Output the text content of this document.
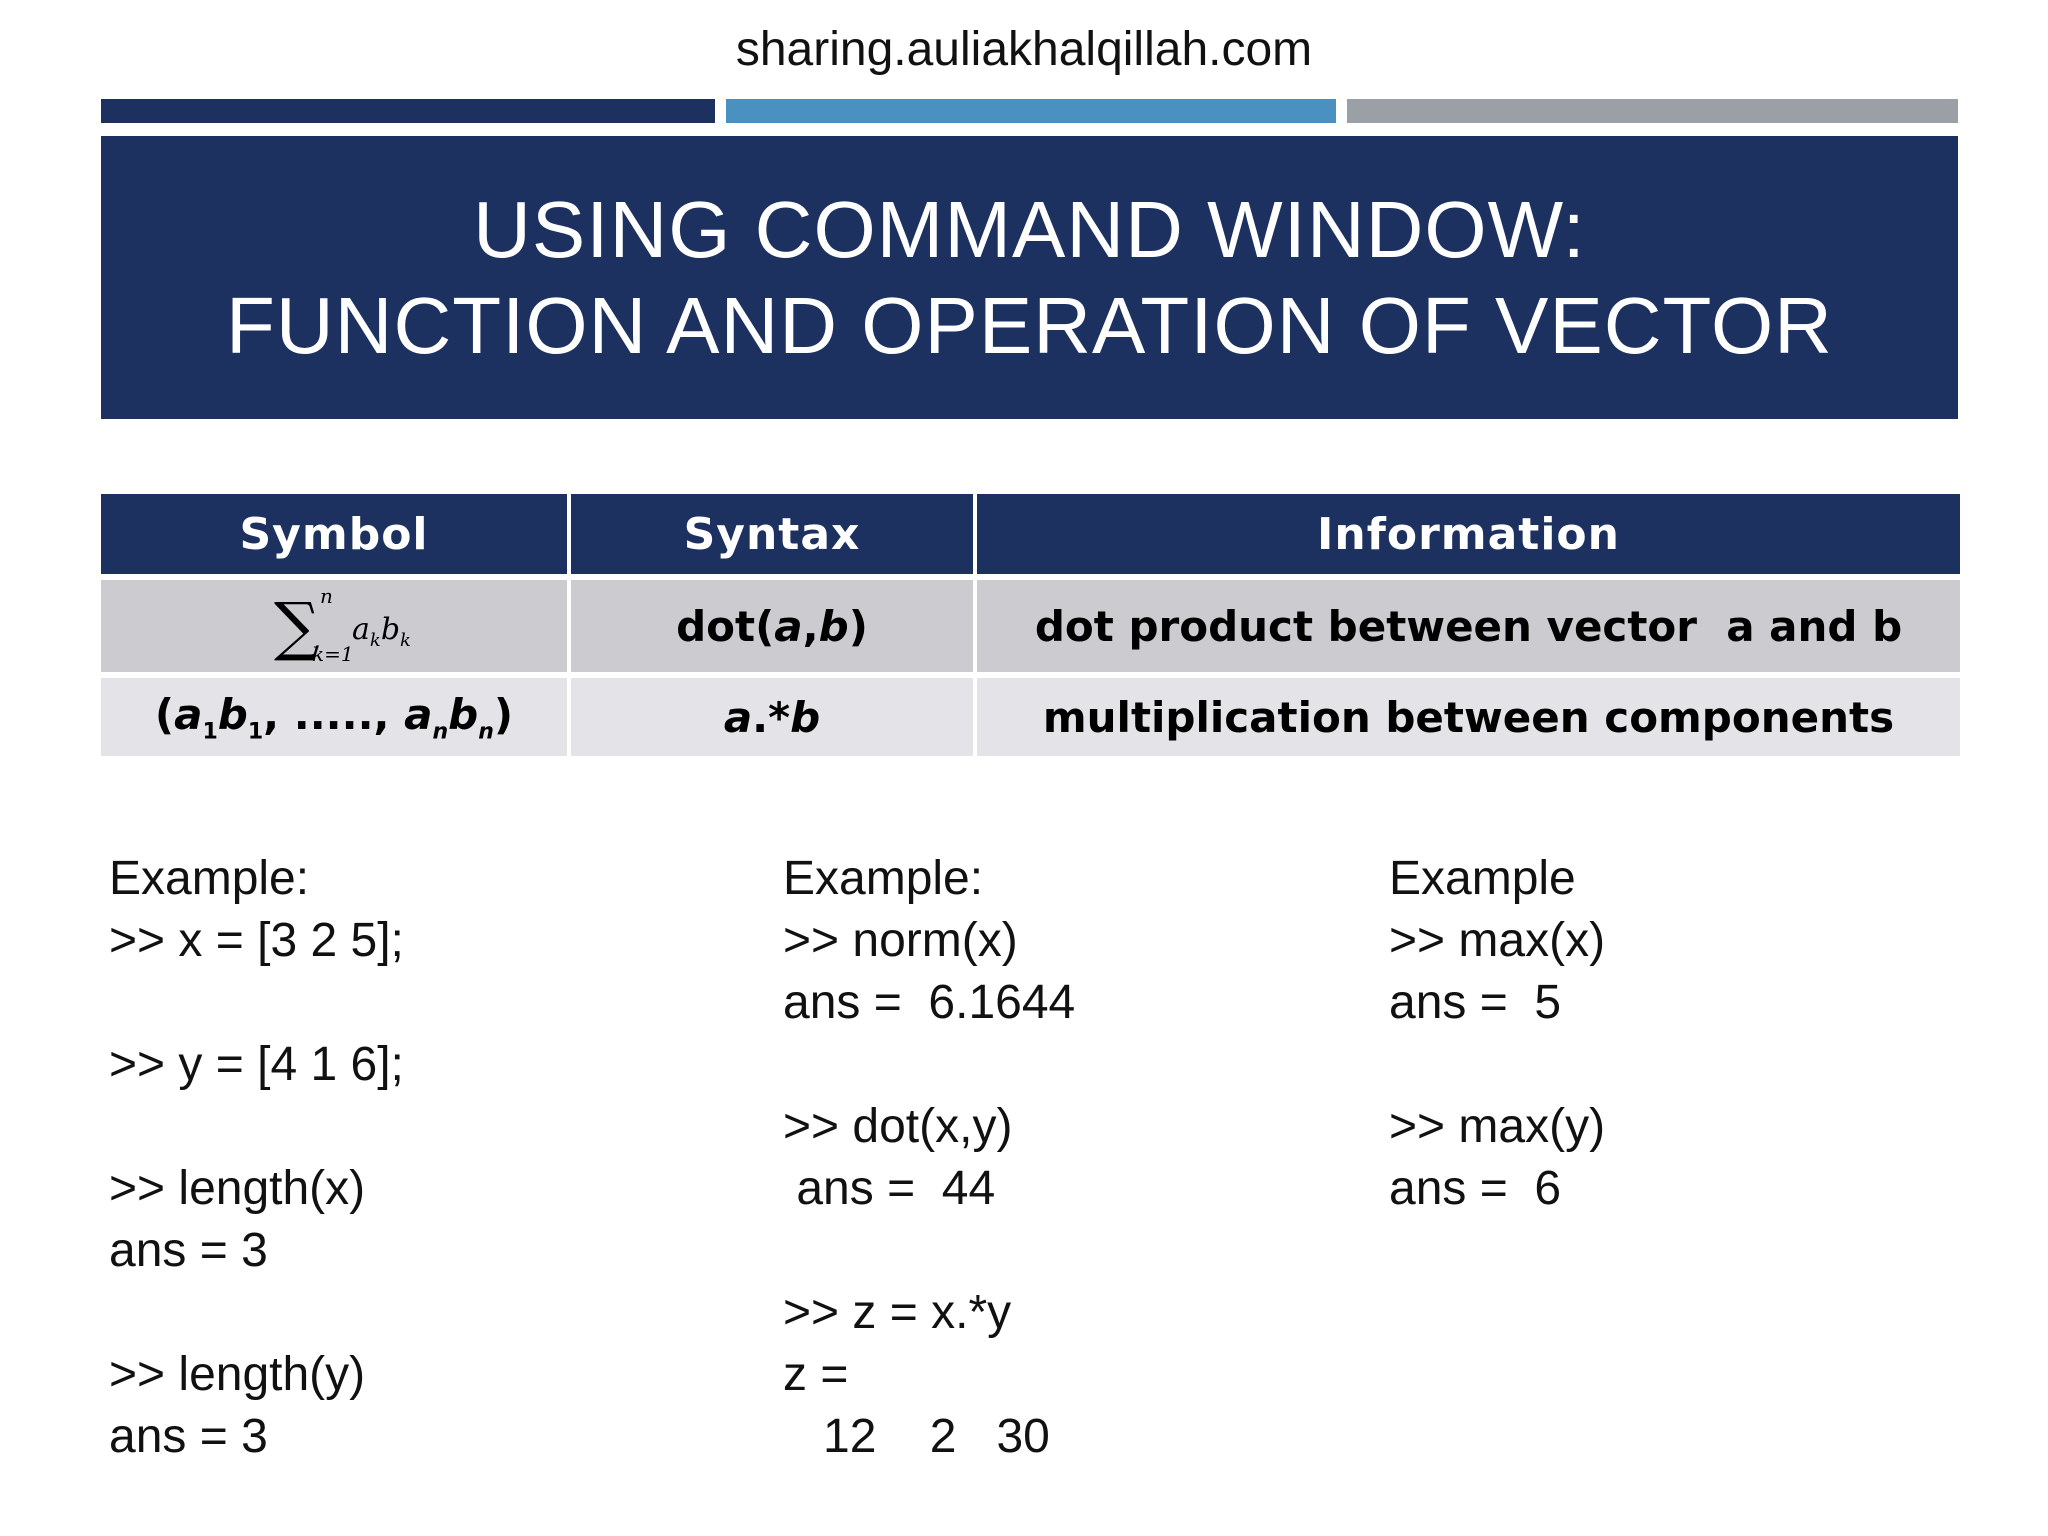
sharing.auliakhalqillah.com
USING COMMAND WINDOW:
FUNCTION AND OPERATION OF VECTOR
Symbol	Syntax	Information
∑ n
k=1
$a_kb_k$	dot(a,b)	dot product between vector  a and b
($a_1b_1$, ....., $a_nb_n$)	a.*b	multiplication between components
Example:
>> x = [3 2 5];
>> y = [4 1 6];
>> length(x)
ans = 3
>> length(y)
ans = 3
Example:
>> norm(x)
ans =  6.1644
>> dot(x,y)
ans =  44
>> z = x.*y
z =
12    2   30
Example
>> max(x)
ans =  5
>> max(y)
ans =  6
